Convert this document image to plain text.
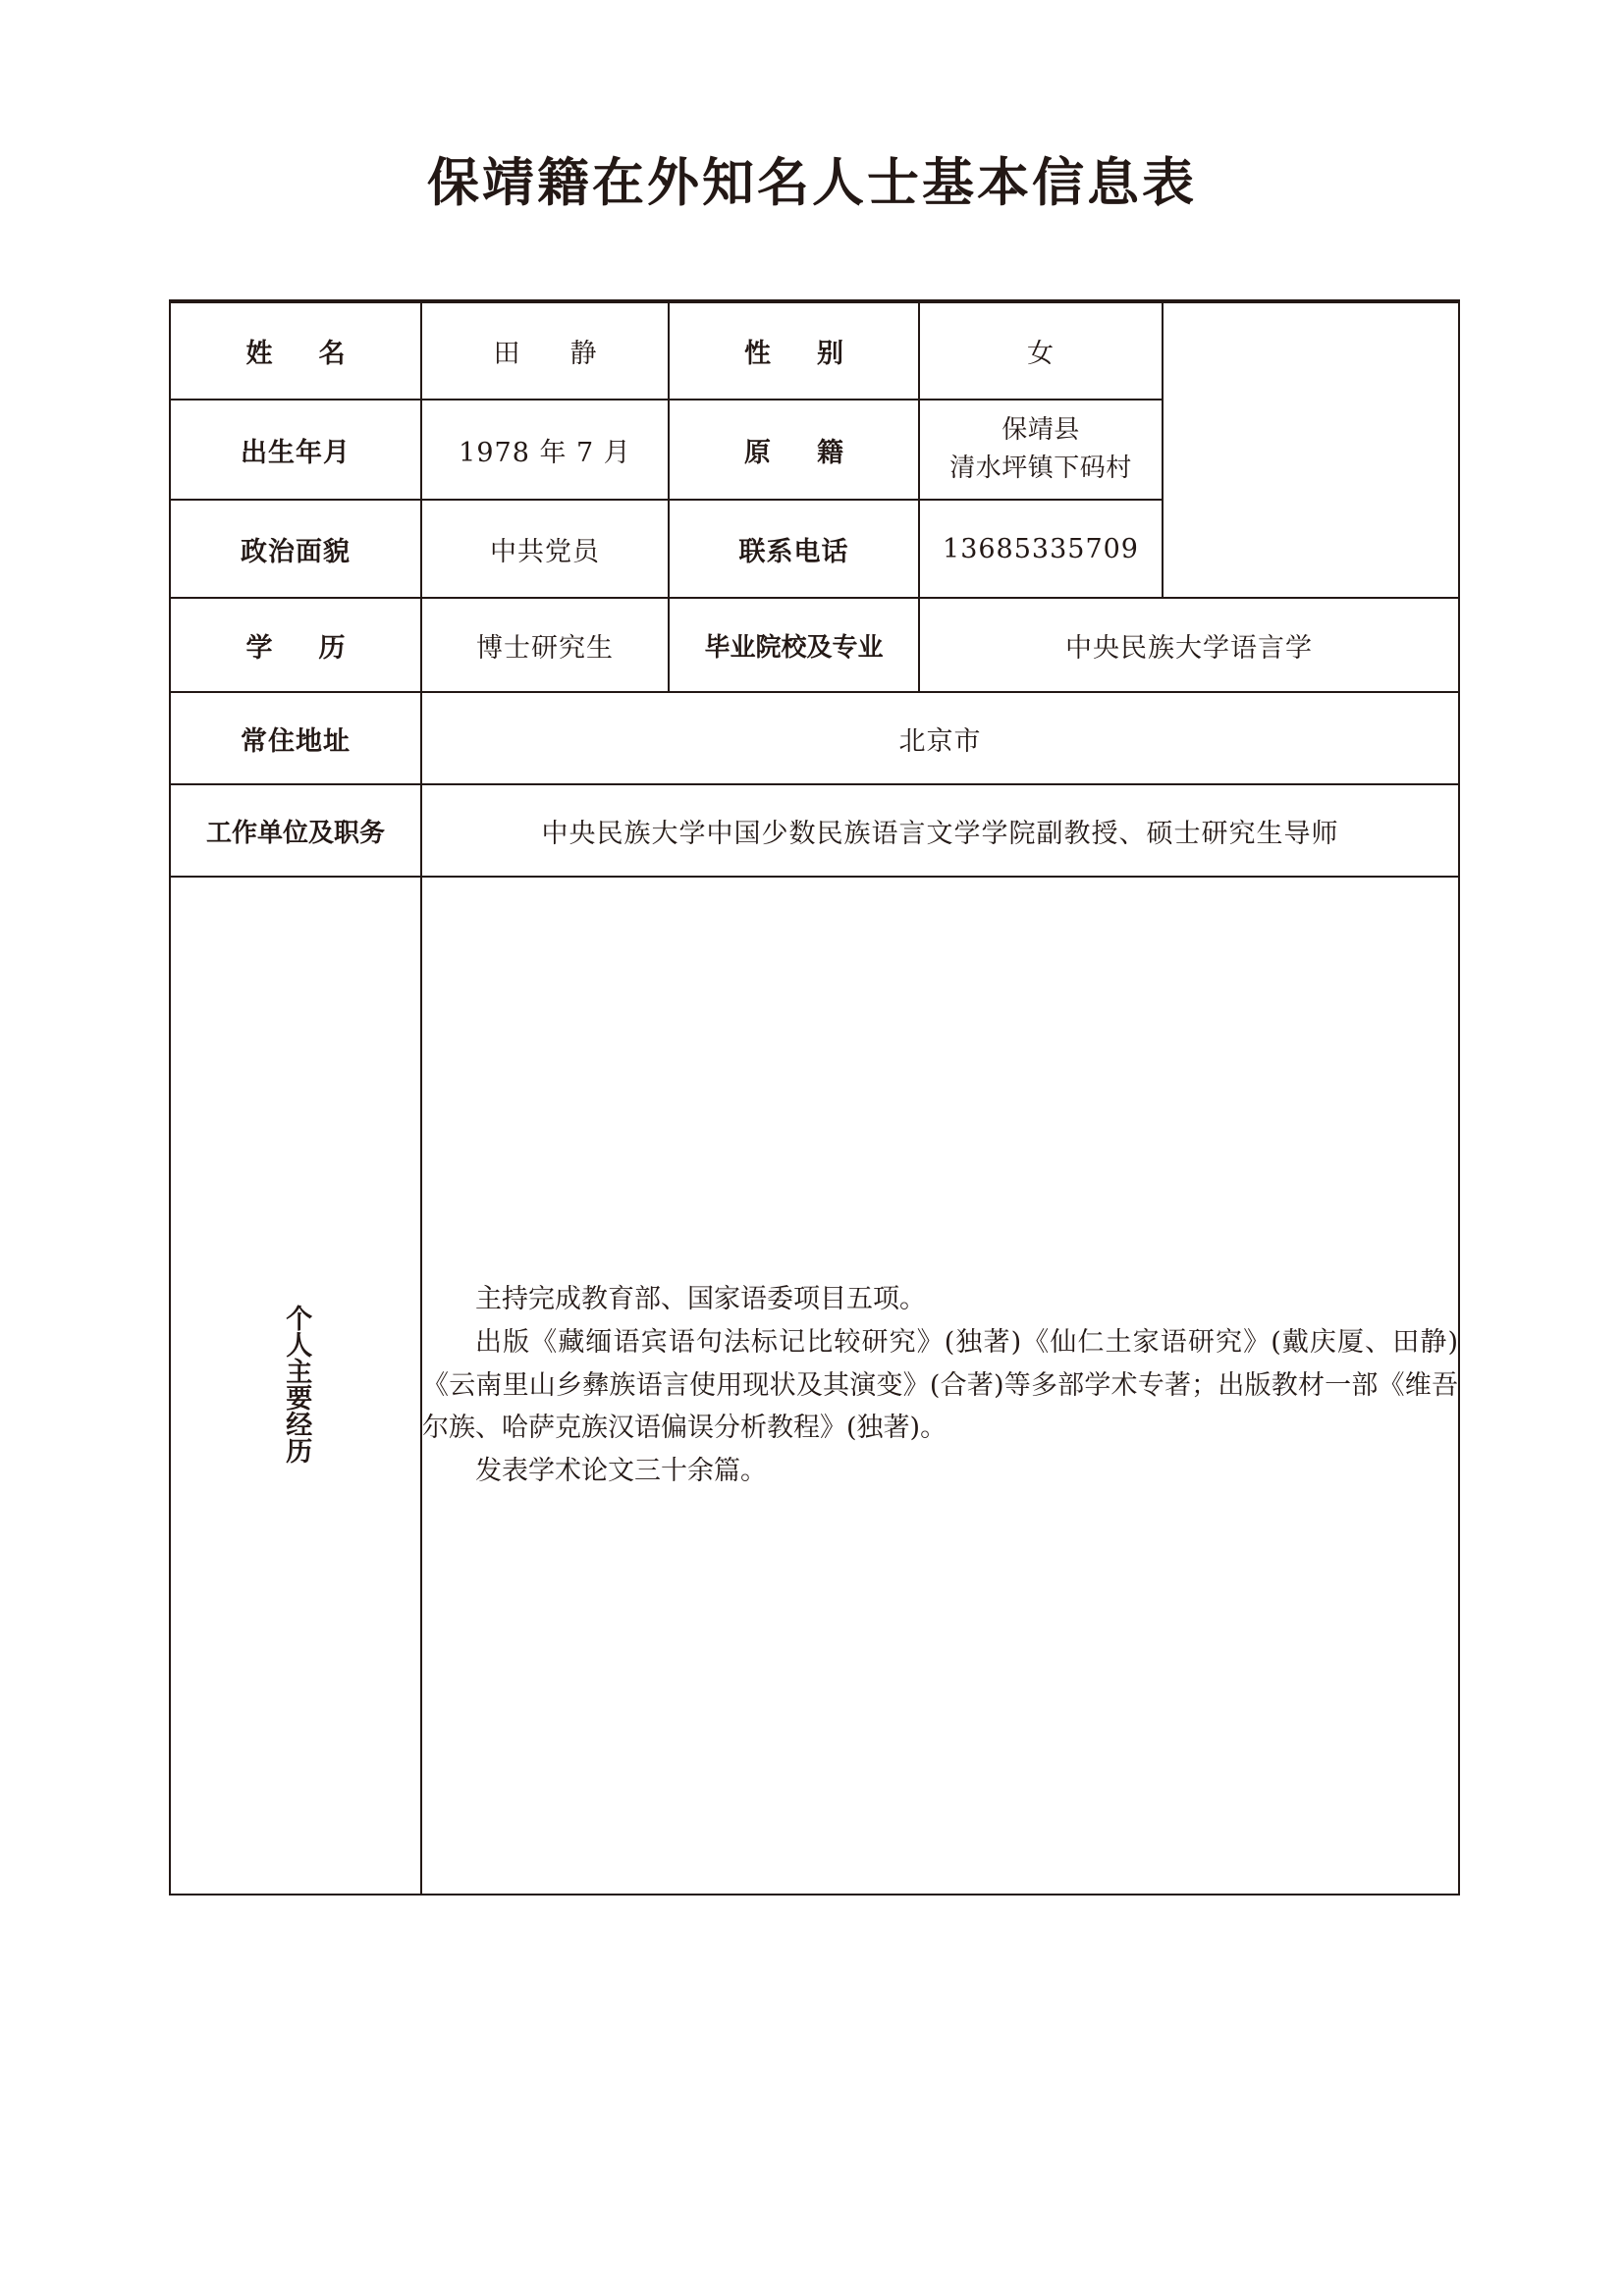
保靖籍在外知名人士基本信息表
姓　名	田　静	性　别	女	

出生年月	1978 年 7 月	原　籍	保靖县
清水坪镇下码村	

政治面貌	中共党员	联系电话	13685335709	
学　历	博士研究生	毕业院校及专业	中央民族大学语言学	
常住地址	北京市			
工作单位及职务	中央民族大学中国少数民族语言文学学院副教授、硕士研究生导师			
个人主要经历	主持完成教育部、国家语委项目五项。

出版《藏缅语宾语句法标记比较研究》(独著)《仙仁土家语研究》(戴庆厦、田静)《云南里山乡彝族语言使用现状及其演变》(合著)等多部学术专著；出版教材一部《维吾尔族、哈萨克族汉语偏误分析教程》(独著)。

发表学术论文三十余篇。			
